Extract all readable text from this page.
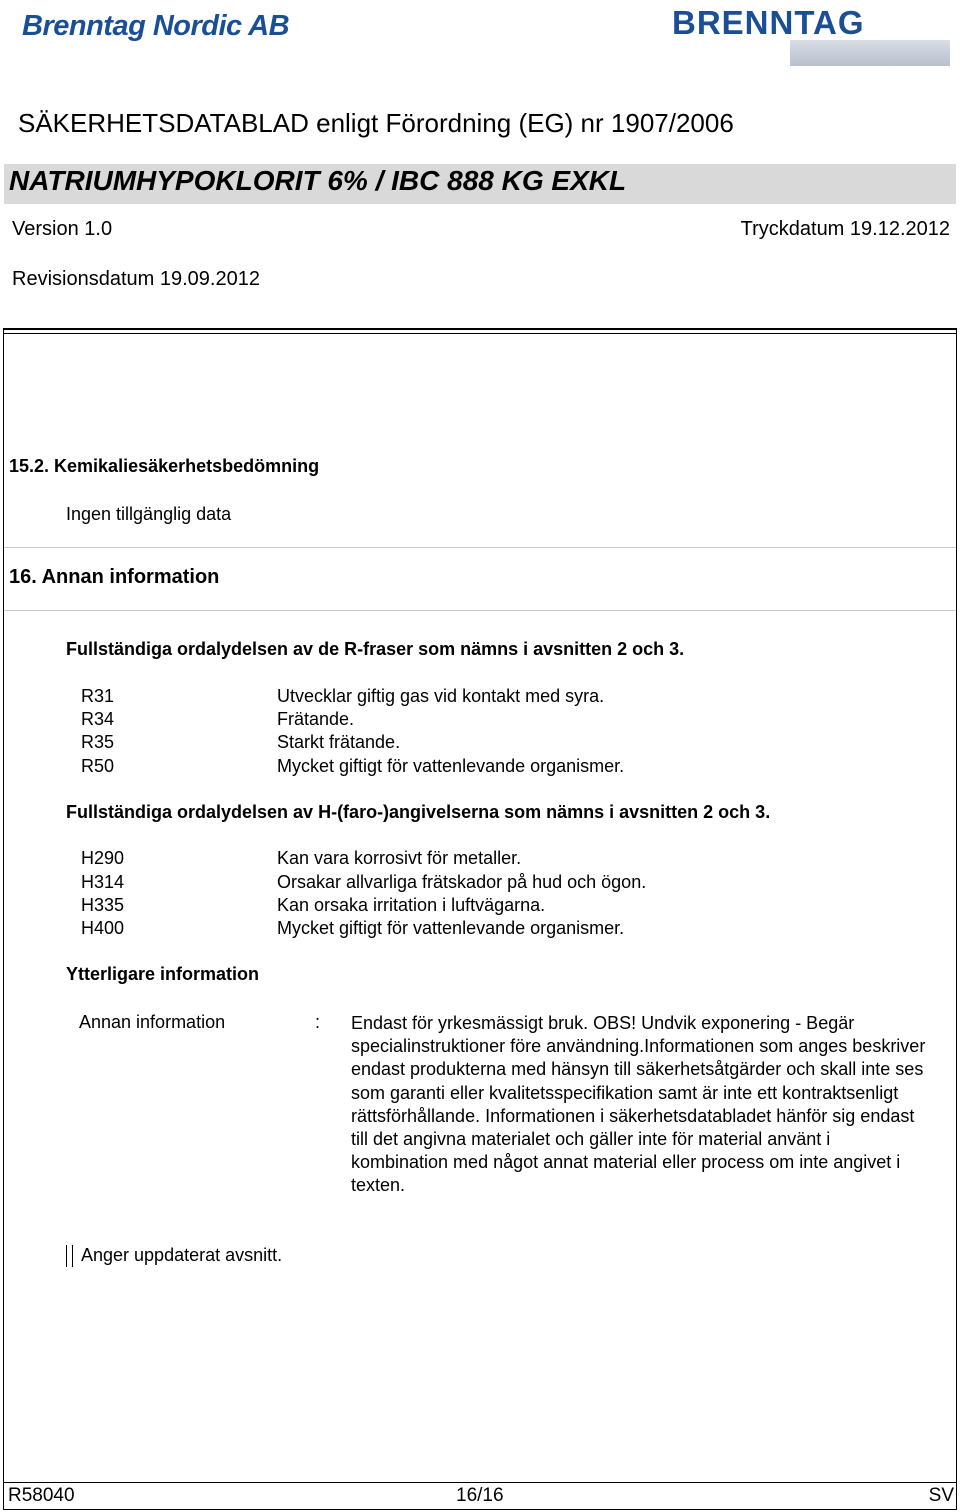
Brenntag Nordic AB	BRENNTAG
SÄKERHETSDATABLAD enligt Förordning (EG) nr 1907/2006
NATRIUMHYPOKLORIT 6% / IBC 888 KG EXKL
Version 1.0	Tryckdatum 19.12.2012
Revisionsdatum 19.09.2012
15.2. Kemikaliesäkerhetsbedömning
Ingen tillgänglig data
16. Annan information
Fullständiga ordalydelsen av de R-fraser som nämns i avsnitten 2 och 3.
R31	Utvecklar giftig gas vid kontakt med syra.
R34	Frätande.
R35	Starkt frätande.
R50	Mycket giftigt för vattenlevande organismer.
Fullständiga ordalydelsen av H-(faro-)angivelserna som nämns i avsnitten 2 och 3.
H290	Kan vara korrosivt för metaller.
H314	Orsakar allvarliga frätskador på hud och ögon.
H335	Kan orsaka irritation i luftvägarna.
H400	Mycket giftigt för vattenlevande organismer.
Ytterligare information
Annan information	: Endast för yrkesmässigt bruk. OBS! Undvik exponering - Begär specialinstruktioner före användning.Informationen som anges beskriver endast produkterna med hänsyn till säkerhetsåtgärder och skall inte ses som garanti eller kvalitetsspecifikation samt är inte ett kontraktsenligt rättsförhållande. Informationen i säkerhetsdatabladet hänför sig endast till det angivna materialet och gäller inte för material använt i kombination med något annat material eller process om inte angivet i texten.
Anger uppdaterat avsnitt.
R58040	16/16	SV
